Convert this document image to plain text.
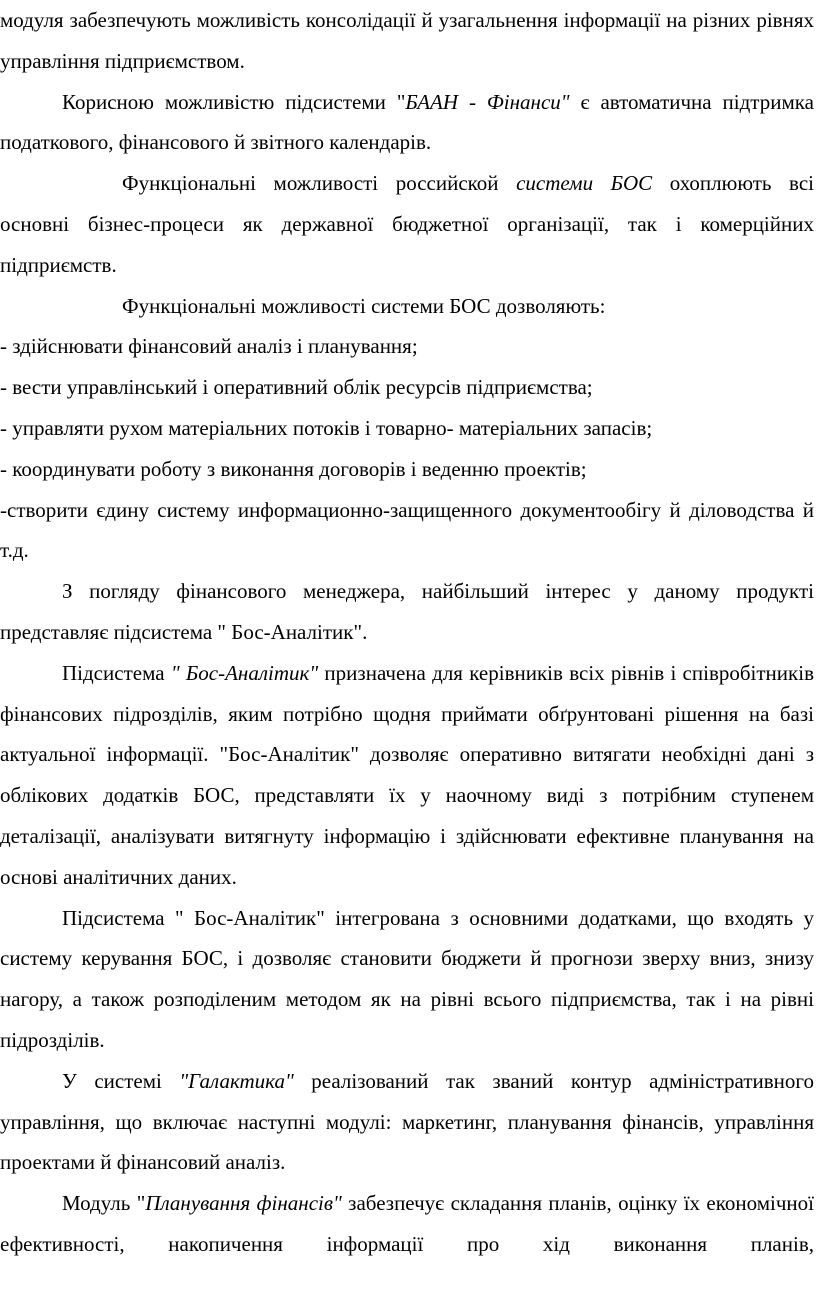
модуля забезпечують можливість консолідації й узагальнення інформації на різних рівнях управління підприємством.

Корисною можливістю підсистеми "БААН - Фінанси" є автоматична підтримка податкового, фінансового й звітного календарів.

Функціональні можливості российской системи БОС охоплюють всі основні бізнес-процеси як державної бюджетної організації, так і комерційних підприємств.

Функціональні можливості системи БОС дозволяють:

- здійснювати фінансовий аналіз і планування;

- вести управлінський і оперативний облік ресурсів підприємства;

- управляти рухом матеріальних потоків і товарно- матеріальних запасів;

- координувати роботу з виконання договорів і веденню проектів;

-створити єдину систему информационно-защищенного документообігу й діловодства й т.д.

З погляду фінансового менеджера, найбільший інтерес у даному продукті представляє підсистема " Бос-Аналітик".

Підсистема " Бос-Аналітик" призначена для керівників всіх рівнів і співробітників фінансових підрозділів, яким потрібно щодня приймати обґрунтовані рішення на базі актуальної інформації. "Бос-Аналітик" дозволяє оперативно витягати необхідні дані з облікових додатків БОС, представляти їх у наочному виді з потрібним ступенем деталізації, аналізувати витягнуту інформацію і здійснювати ефективне планування на основі аналітичних даних.

Підсистема " Бос-Аналітик" інтегрована з основними додатками, що входять у систему керування БОС, і дозволяє становити бюджети й прогнози зверху вниз, знизу нагору, а також розподіленим методом як на рівні всього підприємства, так і на рівні підрозділів.

У системі "Галактика" реалізований так званий контур адміністративного управління, що включає наступні модулі: маркетинг, планування фінансів, управління проектами й фінансовий аналіз.

Модуль "Планування фінансів" забезпечує складання планів, оцінку їх економічної ефективності, накопичення інформації про хід виконання планів,
